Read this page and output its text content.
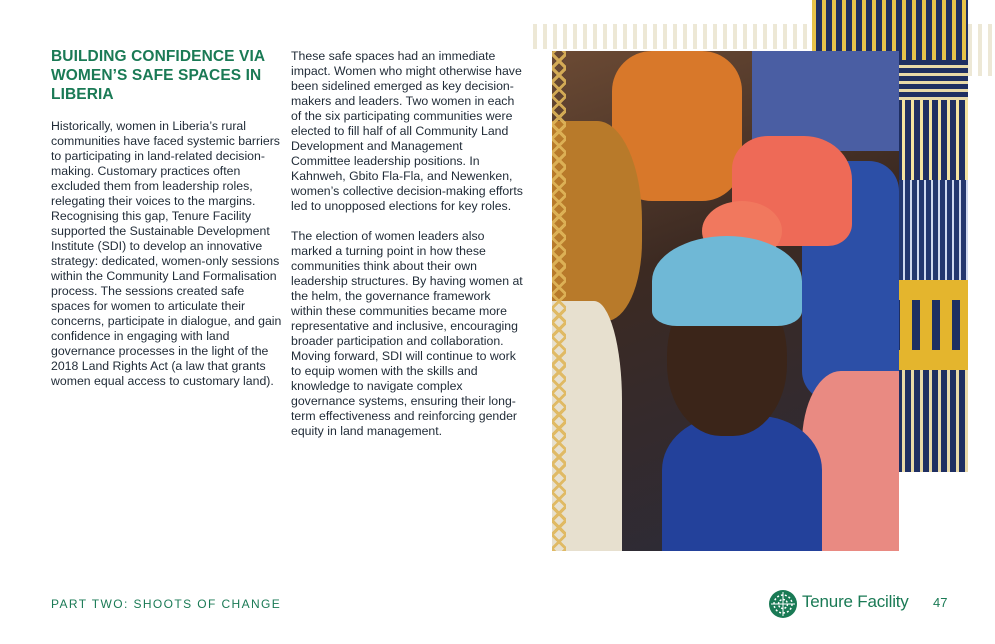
BUILDING CONFIDENCE VIA WOMEN’S SAFE SPACES IN LIBERIA

Historically, women in Liberia’s rural communities have faced systemic barriers to participating in land-related decision-making. Customary practices often excluded them from leadership roles, relegating their voices to the margins. Recognising this gap, Tenure Facility supported the Sustainable Development Institute (SDI) to develop an innovative strategy: dedicated, women-only sessions within the Community Land Formalisation process. The sessions created safe spaces for women to articulate their concerns, participate in dialogue, and gain confidence in engaging with land governance processes in the light of the 2018 Land Rights Act (a law that grants women equal access to customary land).

These safe spaces had an immediate impact. Women who might otherwise have been sidelined emerged as key decision-makers and leaders. Two women in each of the six participating communities were elected to fill half of all Community Land Development and Management Committee leadership positions. In Kahnweh, Gbito Fla-Fla, and Newenken, women’s collective decision-making efforts led to unopposed elections for key roles.

The election of women leaders also marked a turning point in how these communities think about their own leadership structures. By having women at the helm, the governance framework within these communities became more representative and inclusive, encouraging broader participation and collaboration. Moving forward, SDI will continue to work to equip women with the skills and knowledge to navigate complex governance systems, ensuring their long-term effectiveness and reinforcing gender equity in land management.

PART TWO: SHOOTS OF CHANGE	Tenure Facility 47
